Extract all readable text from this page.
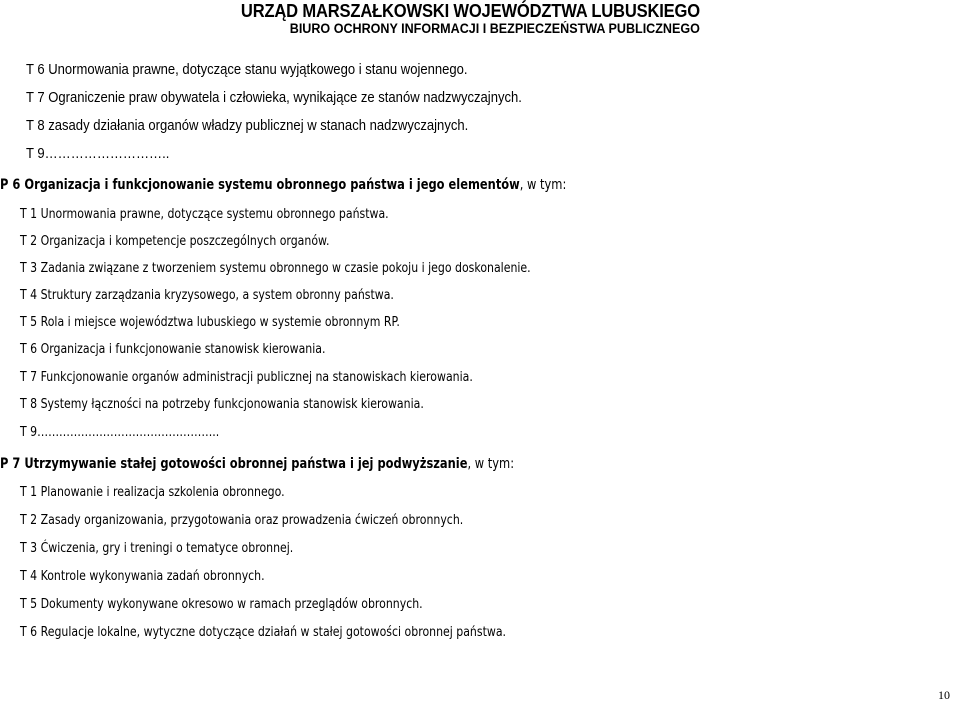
URZĄD MARSZAŁKOWSKI WOJEWÓDZTWA LUBUSKIEGO
BIURO OCHRONY INFORMACJI I BEZPIECZEŃSTWA PUBLICZNEGO
T 6 Unormowania prawne, dotyczące stanu wyjątkowego i stanu wojennego.
T 7 Ograniczenie praw obywatela i człowieka, wynikające ze stanów nadzwyczajnych.
T 8 zasady działania organów władzy publicznej w stanach nadzwyczajnych.
T 9………………………..
P 6 Organizacja i funkcjonowanie systemu obronnego państwa i jego elementów, w tym:
T 1 Unormowania prawne, dotyczące systemu obronnego państwa.
T 2 Organizacja i kompetencje poszczególnych organów.
T 3 Zadania związane z tworzeniem systemu obronnego w czasie pokoju i jego doskonalenie.
T 4 Struktury zarządzania kryzysowego, a system obronny państwa.
T 5 Rola i miejsce województwa lubuskiego w systemie obronnym RP.
T 6 Organizacja i funkcjonowanie stanowisk kierowania.
T 7 Funkcjonowanie organów administracji publicznej na stanowiskach kierowania.
T 8 Systemy łączności na potrzeby funkcjonowania stanowisk kierowania.
T 9…………………………………………..
P 7 Utrzymywanie stałej gotowości obronnej państwa i jej podwyższanie, w tym:
T 1 Planowanie i realizacja szkolenia obronnego.
T 2 Zasady organizowania, przygotowania oraz prowadzenia ćwiczeń obronnych.
T 3 Ćwiczenia, gry i treningi o tematyce obronnej.
T 4 Kontrole wykonywania zadań obronnych.
T 5 Dokumenty wykonywane okresowo w ramach przeglądów obronnych.
T 6 Regulacje lokalne, wytyczne dotyczące działań w stałej gotowości obronnej państwa.
10
